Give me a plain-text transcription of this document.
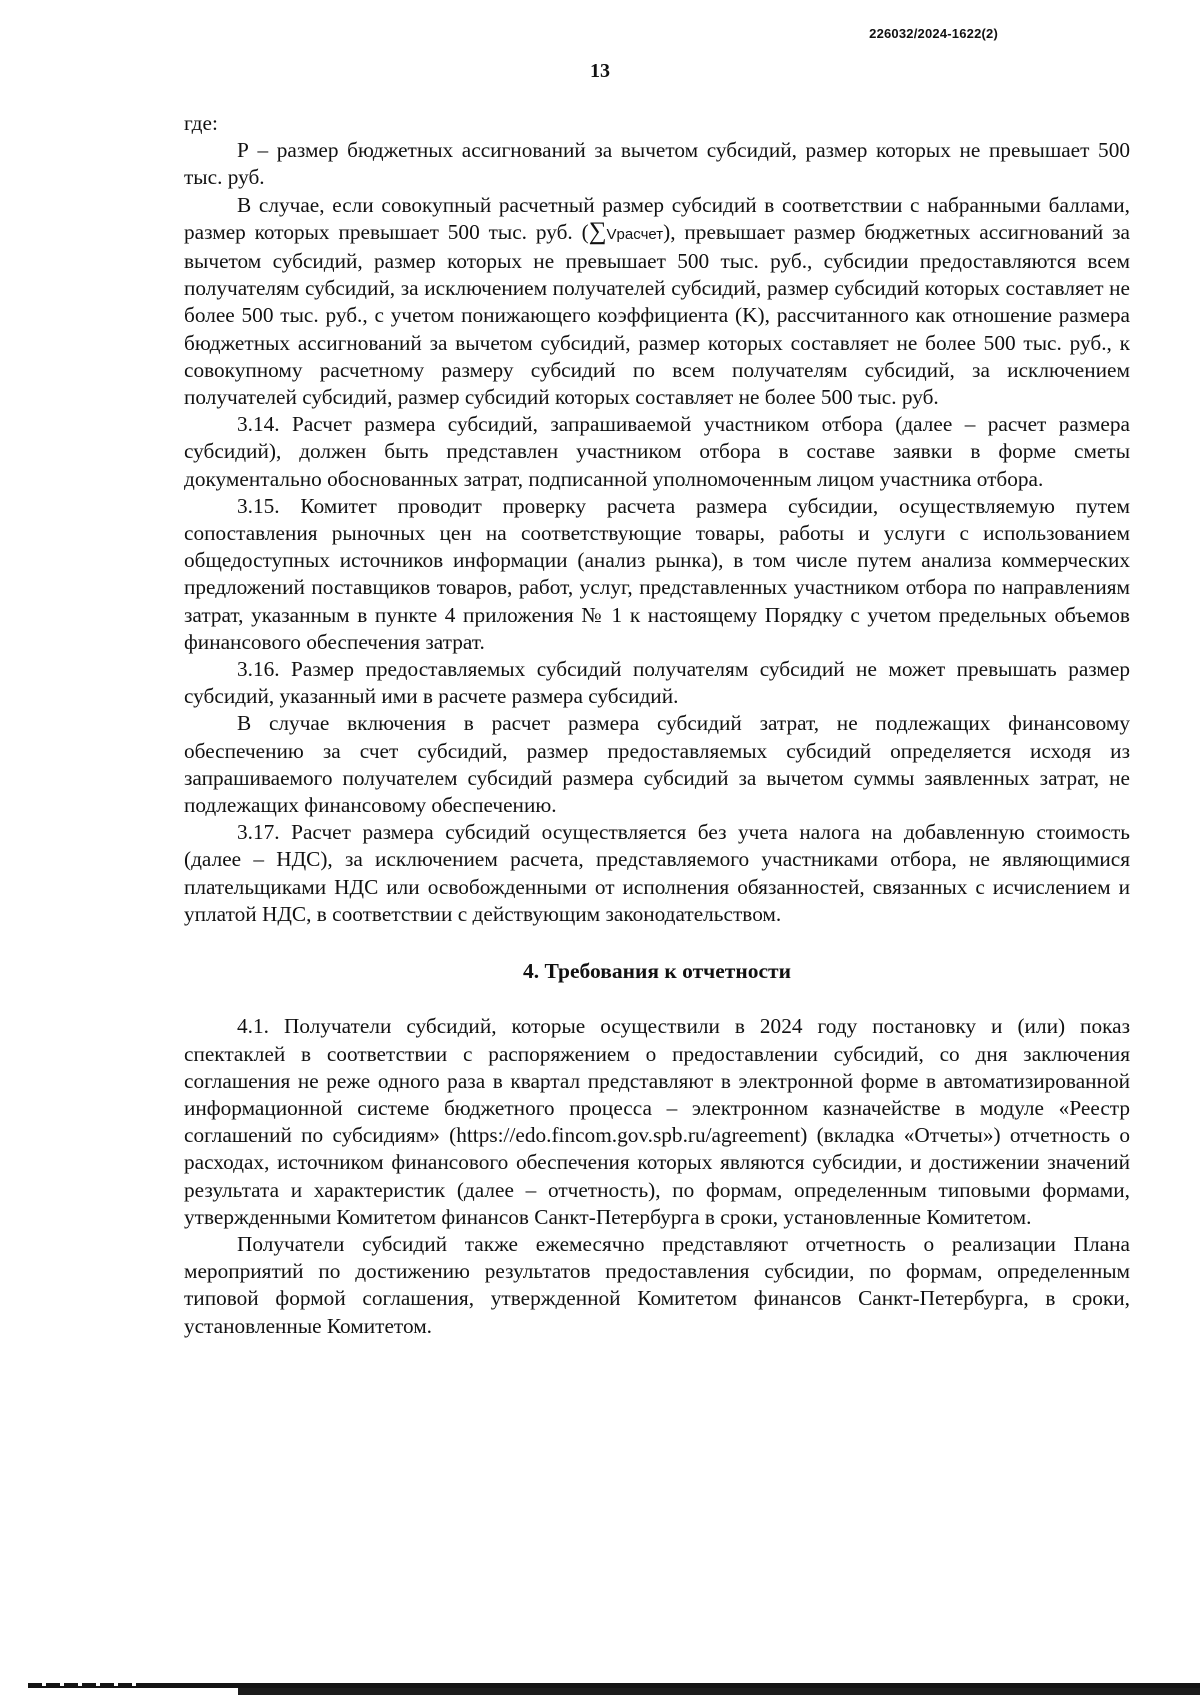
226032/2024-1622(2)
13

где:

Р – размер бюджетных ассигнований за вычетом субсидий, размер которых не превышает 500 тыс. руб.

В случае, если совокупный расчетный размер субсидий в соответствии с набранными баллами, размер которых превышает 500 тыс. руб. (∑Vрасчет), превышает размер бюджетных ассигнований за вычетом субсидий, размер которых не превышает 500 тыс. руб., субсидии предоставляются всем получателям субсидий, за исключением получателей субсидий, размер субсидий которых составляет не более 500 тыс. руб., с учетом понижающего коэффициента (K), рассчитанного как отношение размера бюджетных ассигнований за вычетом субсидий, размер которых составляет не более 500 тыс. руб., к совокупному расчетному размеру субсидий по всем получателям субсидий, за исключением получателей субсидий, размер субсидий которых составляет не более 500 тыс. руб.

3.14. Расчет размера субсидий, запрашиваемой участником отбора (далее – расчет размера субсидий), должен быть представлен участником отбора в составе заявки в форме сметы документально обоснованных затрат, подписанной уполномоченным лицом участника отбора.

3.15. Комитет проводит проверку расчета размера субсидии, осуществляемую путем сопоставления рыночных цен на соответствующие товары, работы и услуги с использованием общедоступных источников информации (анализ рынка), в том числе путем анализа коммерческих предложений поставщиков товаров, работ, услуг, представленных участником отбора по направлениям затрат, указанным в пункте 4 приложения № 1 к настоящему Порядку с учетом предельных объемов финансового обеспечения затрат.

3.16. Размер предоставляемых субсидий получателям субсидий не может превышать размер субсидий, указанный ими в расчете размера субсидий.

В случае включения в расчет размера субсидий затрат, не подлежащих финансовому обеспечению за счет субсидий, размер предоставляемых субсидий определяется исходя из запрашиваемого получателем субсидий размера субсидий за вычетом суммы заявленных затрат, не подлежащих финансовому обеспечению.

3.17. Расчет размера субсидий осуществляется без учета налога на добавленную стоимость (далее – НДС), за исключением расчета, представляемого участниками отбора, не являющимися плательщиками НДС или освобожденными от исполнения обязанностей, связанных с исчислением и уплатой НДС, в соответствии с действующим законодательством.

4. Требования к отчетности

4.1. Получатели субсидий, которые осуществили в 2024 году постановку и (или) показ спектаклей в соответствии с распоряжением о предоставлении субсидий, со дня заключения соглашения не реже одного раза в квартал представляют в электронной форме в автоматизированной информационной системе бюджетного процесса – электронном казначействе в модуле «Реестр соглашений по субсидиям» (https://edo.fincom.gov.spb.ru/agreement) (вкладка «Отчеты») отчетность о расходах, источником финансового обеспечения которых являются субсидии, и достижении значений результата и характеристик (далее – отчетность), по формам, определенным типовыми формами, утвержденными Комитетом финансов Санкт-Петербурга в сроки, установленные Комитетом.

Получатели субсидий также ежемесячно представляют отчетность о реализации Плана мероприятий по достижению результатов предоставления субсидии, по формам, определенным типовой формой соглашения, утвержденной Комитетом финансов Санкт-Петербурга, в сроки, установленные Комитетом.
